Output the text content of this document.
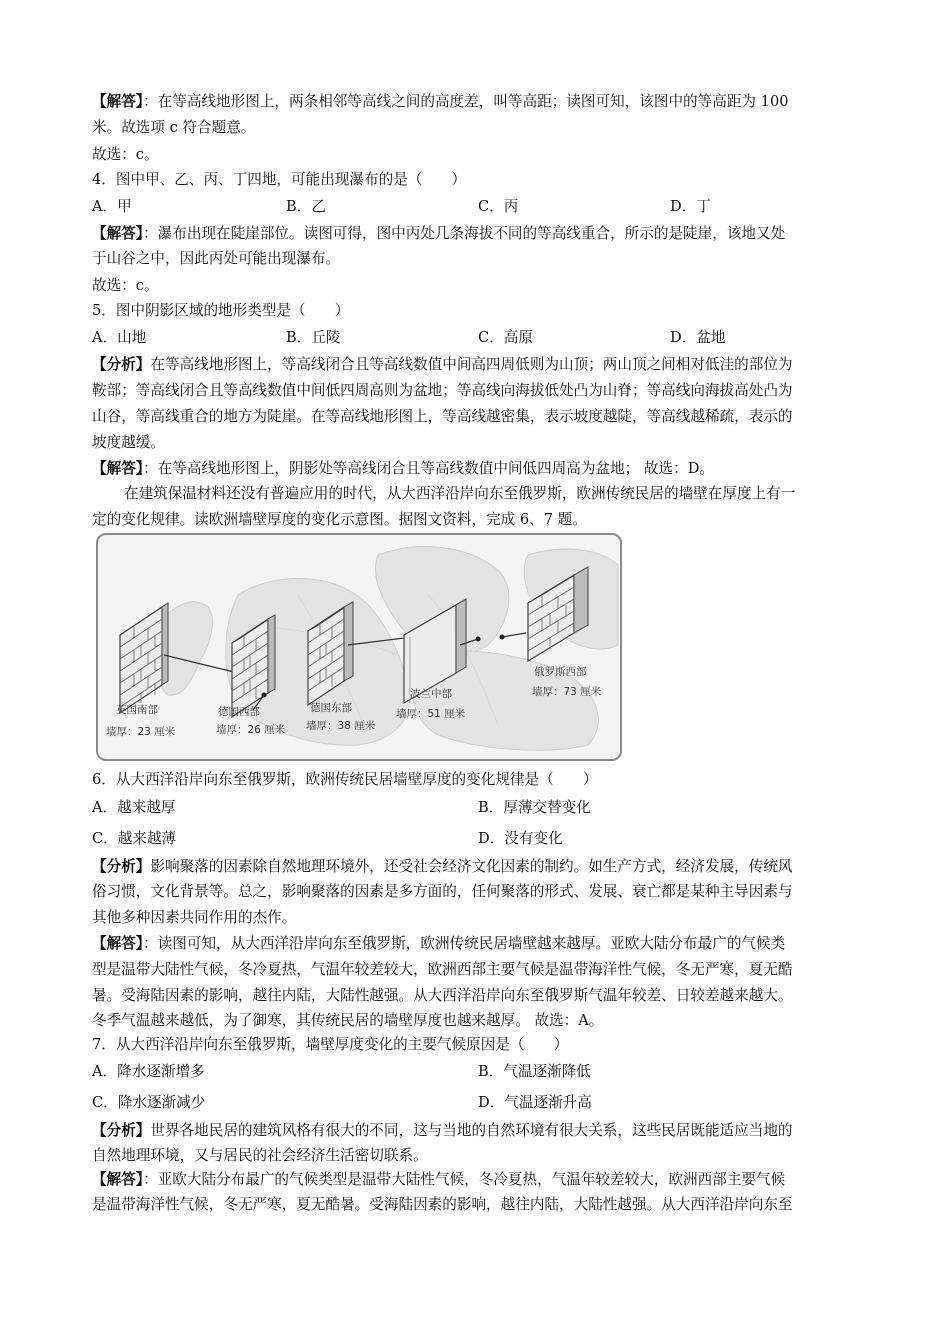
【解答】：在等高线地形图上，两条相邻等高线之间的高度差，叫等高距；读图可知，该图中的等高距为 100
米。故选项 c 符合题意。
故选：c。
4．图中甲、乙、丙、丁四地，可能出现瀑布的是（　　）
A．甲	B．乙	C．丙	D．丁
【解答】：瀑布出现在陡崖部位。读图可得，图中丙处几条海拔不同的等高线重合，所示的是陡崖，该地又处
于山谷之中，因此丙处可能出现瀑布。
故选：c。
5．图中阴影区域的地形类型是（　　）
A．山地	B．丘陵	C．高原	D．盆地
【分析】在等高线地形图上，等高线闭合且等高线数值中间高四周低则为山顶；两山顶之间相对低洼的部位为
鞍部；等高线闭合且等高线数值中间低四周高则为盆地；等高线向海拔低处凸为山脊；等高线向海拔高处凸为
山谷，等高线重合的地方为陡崖。在等高线地形图上，等高线越密集，表示坡度越陡，等高线越稀疏，表示的
坡度越缓。
【解答】：在等高线地形图上，阴影处等高线闭合且等高线数值中间低四周高为盆地； 故选：D。
在建筑保温材料还没有普遍应用的时代，从大西洋沿岸向东至俄罗斯，欧洲传统民居的墙壁在厚度上有一
定的变化规律。读欧洲墙壁厚度的变化示意图。据图文资料，完成 6、7 题。
英国南部
墙厚：23 厘米
德国西部
墙厚：26 厘米
德国东部
墙厚：38 厘米
波兰中部
墙厚：51 厘米
俄罗斯西部
墙厚：73 厘米
6．从大西洋沿岸向东至俄罗斯，欧洲传统民居墙壁厚度的变化规律是（　　）
A．越来越厚	B．厚薄交替变化
C．越来越薄	D．没有变化
【分析】影响聚落的因素除自然地理环境外，还受社会经济文化因素的制约。如生产方式，经济发展，传统风
俗习惯，文化背景等。总之，影响聚落的因素是多方面的，任何聚落的形式、发展、衰亡都是某种主导因素与
其他多种因素共同作用的杰作。
【解答】：读图可知，从大西洋沿岸向东至俄罗斯，欧洲传统民居墙壁越来越厚。亚欧大陆分布最广的气候类
型是温带大陆性气候，冬冷夏热，气温年较差较大，欧洲西部主要气候是温带海洋性气候，冬无严寒，夏无酷
暑。受海陆因素的影响，越往内陆，大陆性越强。从大西洋沿岸向东至俄罗斯气温年较差、日较差越来越大。
冬季气温越来越低，为了御寒，其传统民居的墙壁厚度也越来越厚。 故选：A。
7．从大西洋沿岸向东至俄罗斯，墙壁厚度变化的主要气候原因是（　　）
A．降水逐渐增多	B．气温逐渐降低
C．降水逐渐减少	D．气温逐渐升高
【分析】世界各地民居的建筑风格有很大的不同，这与当地的自然环境有很大关系，这些民居既能适应当地的
自然地理环境，又与居民的社会经济生活密切联系。
【解答】：亚欧大陆分布最广的气候类型是温带大陆性气候，冬冷夏热，气温年较差较大，欧洲西部主要气候
是温带海洋性气候，冬无严寒，夏无酷暑。受海陆因素的影响，越往内陆，大陆性越强。从大西洋沿岸向东至
